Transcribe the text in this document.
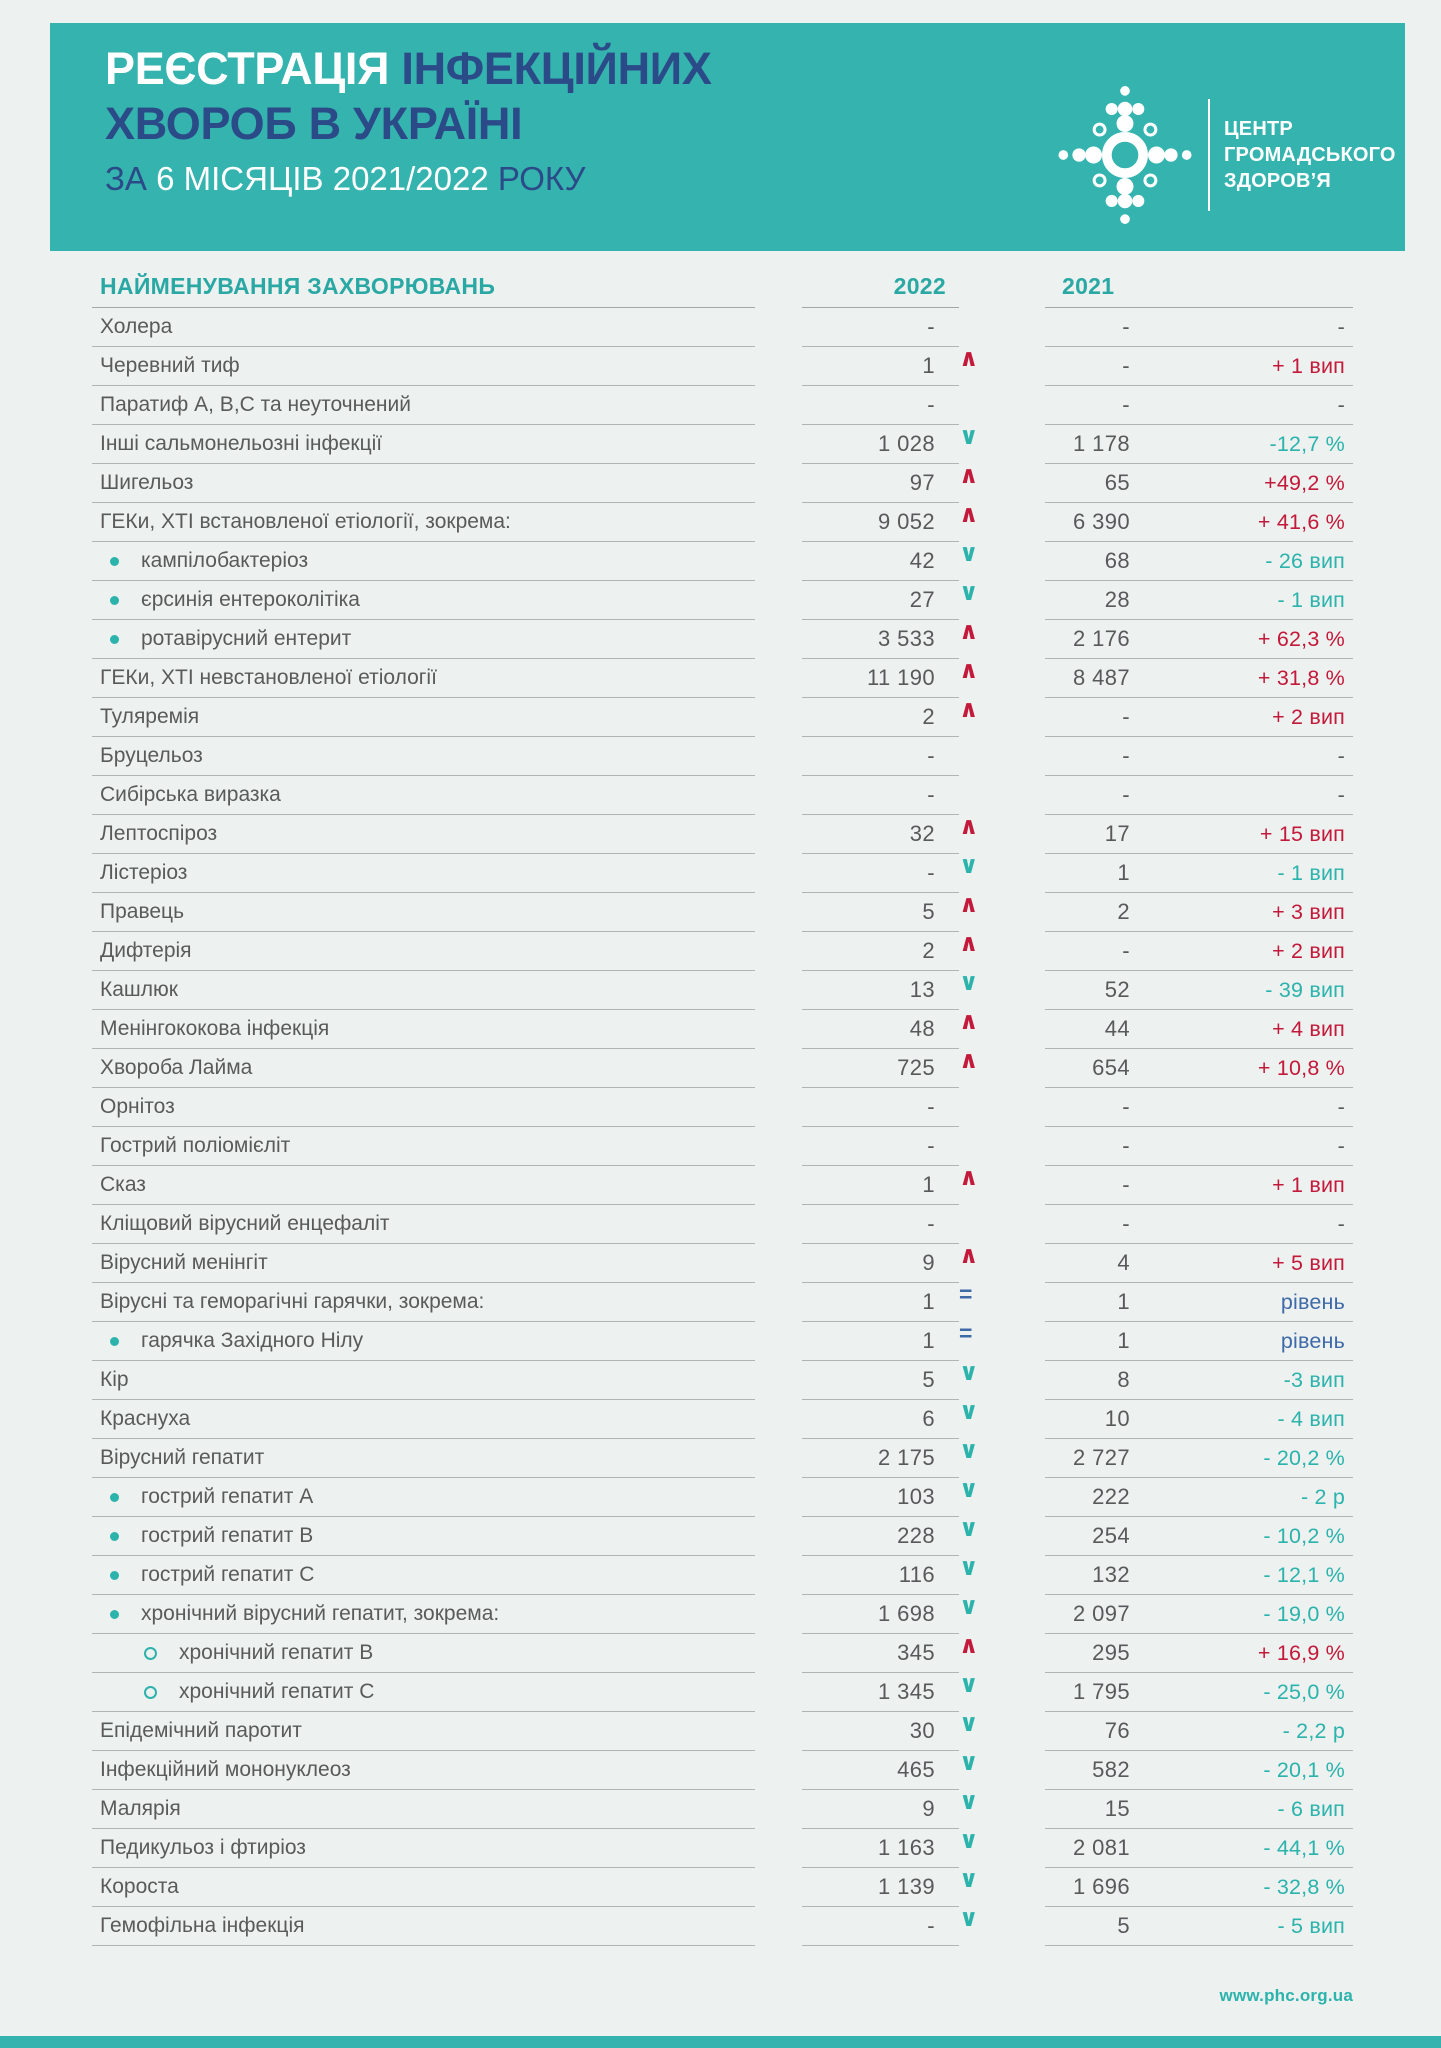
РЕЄСТРАЦІЯ ІНФЕКЦІЙНИХ
ХВОРОБ В УКРАЇНІ
ЗА 6 МІСЯЦІВ 2021/2022 РОКУ
ЦЕНТР
ГРОМАДСЬКОГО
ЗДОРОВ’Я
НАЙМЕНУВАННЯ ЗАХВОРЮВАНЬ	2022	2021
Холера	-	-	-
Черевний тиф	1 ∧	-	+ 1 вип
Паратиф А, В,С та неуточнений	-	-	-
Інші сальмонельозні інфекції	1 028 ∨	1 178	-12,7 %
Шигельоз	97 ∧	65	+49,2 %
ГЕКи, ХТІ встановленої етіології, зокрема:	9 052 ∧	6 390	+ 41,6 %
кампілобактеріоз	42 ∨	68	- 26 вип
єрсинія ентероколітіка	27 ∨	28	- 1 вип
ротавірусний ентерит	3 533 ∧	2 176	+ 62,3 %
ГЕКи, ХТІ невстановленої етіології	11 190 ∧	8 487	+ 31,8 %
Туляремія	2 ∧	-	+ 2 вип
Бруцельоз	-	-	-
Сибірська виразка	-	-	-
Лептоспіроз	32 ∧	17	+ 15 вип
Лістеріоз	- ∨	1	- 1 вип
Правець	5 ∧	2	+ 3 вип
Дифтерія	2 ∧	-	+ 2 вип
Кашлюк	13 ∨	52	- 39 вип
Менінгококова інфекція	48 ∧	44	+ 4 вип
Хвороба Лайма	725 ∧	654	+ 10,8 %
Орнітоз	-	-	-
Гострий поліомієліт	-	-	-
Сказ	1 ∧	-	+ 1 вип
Кліщовий вірусний енцефаліт	-	-	-
Вірусний менінгіт	9 ∧	4	+ 5 вип
Вірусні та геморагічні гарячки, зокрема:	1 =	1	рівень
гарячка Західного Нілу	1 =	1	рівень
Кір	5 ∨	8	-3 вип
Краснуха	6 ∨	10	- 4 вип
Вірусний гепатит	2 175 ∨	2 727	- 20,2 %
гострий гепатит А	103 ∨	222	- 2 р
гострий гепатит В	228 ∨	254	- 10,2 %
гострий гепатит С	116 ∨	132	- 12,1 %
хронічний вірусний гепатит, зокрема:	1 698 ∨	2 097	- 19,0 %
хронічний гепатит В	345 ∧	295	+ 16,9 %
хронічний гепатит С	1 345 ∨	1 795	- 25,0 %
Епідемічний паротит	30 ∨	76	- 2,2 р
Інфекційний мононуклеоз	465 ∨	582	- 20,1 %
Малярія	9 ∨	15	- 6 вип
Педикульоз і фтиріоз	1 163 ∨	2 081	- 44,1 %
Короста	1 139 ∨	1 696	- 32,8 %
Гемофільна інфекція	- ∨	5	- 5 вип
www.phc.org.ua
